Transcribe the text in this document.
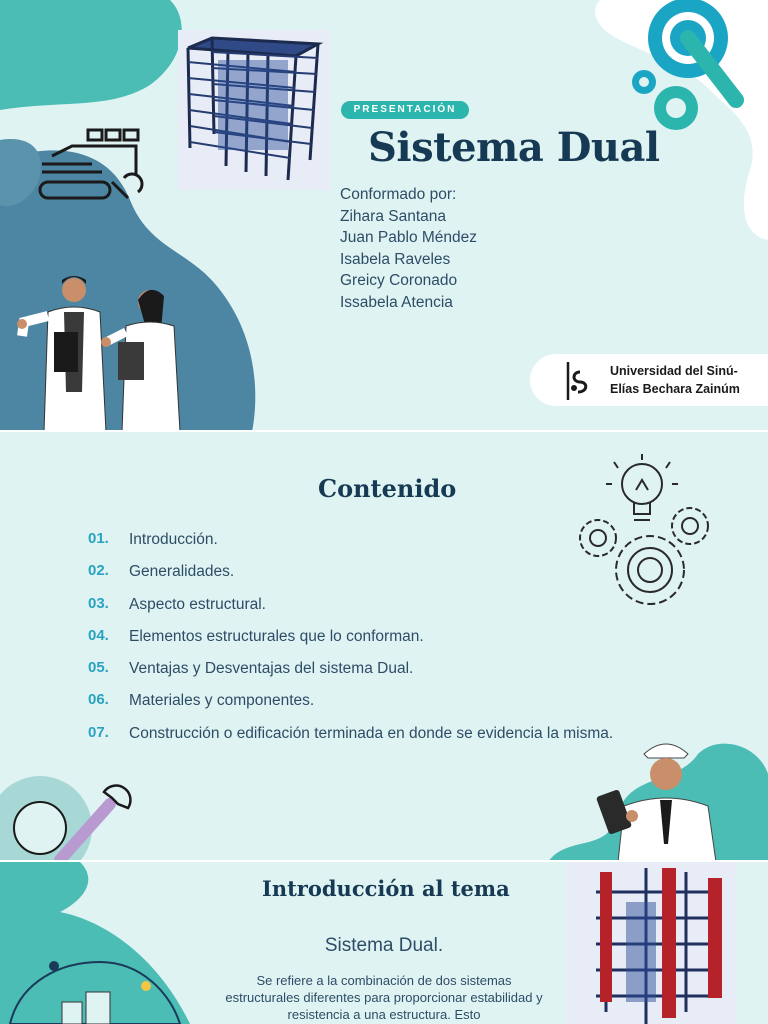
PRESENTACIÓN
Sistema Dual
Conformado por:
Zihara Santana
Juan Pablo Méndez
Isabela Raveles
Greicy Coronado
Issabela Atencia
Universidad del Sinú-
Elías Bechara Zainúm
Contenido
01.	Introducción.
02.	Generalidades.
03.	Aspecto estructural.
04.	Elementos estructurales que lo conforman.
05.	Ventajas y Desventajas del sistema Dual.
06.	Materiales y componentes.
07.	Construcción o edificación terminada en donde se evidencia la misma.
Introducción al tema
Sistema Dual.
Se refiere a la combinación de dos sistemas estructurales diferentes para proporcionar estabilidad y resistencia a una estructura. Esto
